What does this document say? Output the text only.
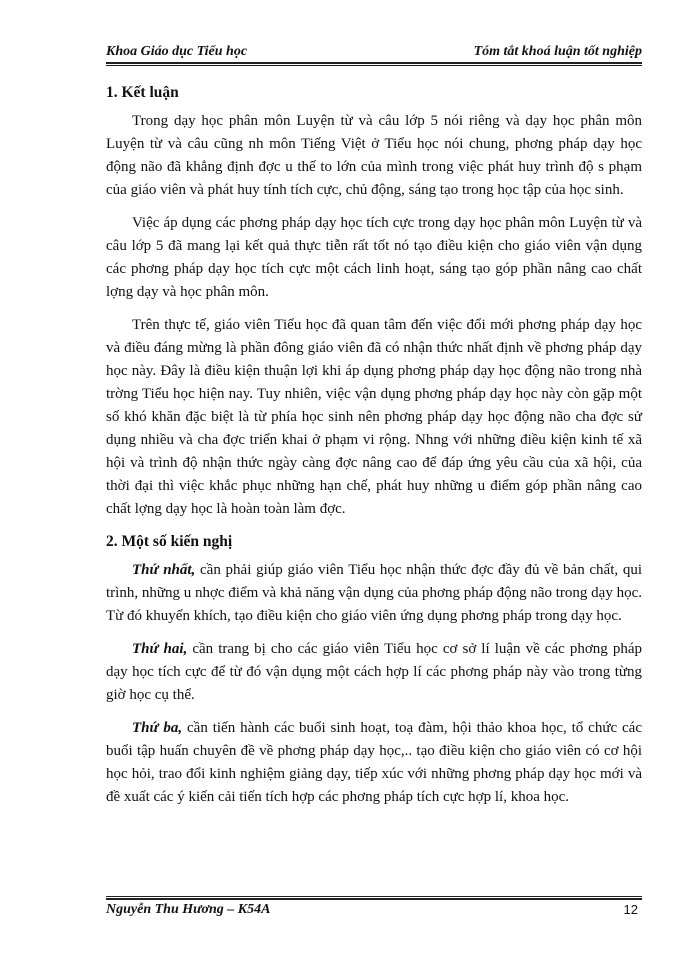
Khoa Giáo dục Tiểu học	Tóm tắt khoá luận tốt nghiệp
1. Kết luận

Trong dạy học phân môn Luyện từ và câu lớp 5 nói riêng và dạy học phân môn Luyện từ và câu cũng nh môn Tiếng Việt ở Tiểu học nói chung, phơng pháp dạy học động não đã khẳng định đợc u thế to lớn của mình trong việc phát huy trình độ s phạm của giáo viên và phát huy tính tích cực, chủ động, sáng tạo trong học tập của học sinh.

Việc áp dụng các phơng pháp dạy học tích cực trong dạy học phân môn Luyện từ và câu lớp 5 đã mang lại kết quả thực tiễn rất tốt nó tạo điều kiện cho giáo viên vận dụng các phơng pháp dạy học tích cực một cách linh hoạt, sáng tạo góp phần nâng cao chất lợng dạy và học phân môn.

Trên thực tế, giáo viên Tiểu học đã quan tâm đến việc đổi mới phơng pháp dạy học và điều đáng mừng là phần đông giáo viên đã có nhận thức nhất định về phơng pháp dạy học này. Đây là điều kiện thuận lợi khi áp dụng phơng pháp dạy học động não trong nhà trờng Tiểu học hiện nay. Tuy nhiên, việc vận dụng phơng pháp dạy học này còn gặp một số khó khăn đặc biệt là từ phía học sinh nên phơng pháp dạy học động não cha đợc sử dụng nhiều và cha đợc triển khai ở phạm vi rộng. Nhng với những điều kiện kinh tế xã hội và trình độ nhận thức ngày càng đợc nâng cao để đáp ứng yêu cầu của xã hội, của thời đại thì việc khắc phục những hạn chế, phát huy những u điểm góp phần nâng cao chất lợng dạy học là hoàn toàn làm đợc.

2. Một số kiến nghị

Thứ nhất, cần phải giúp giáo viên Tiểu học nhận thức đợc đầy đủ về bản chất, qui trình, những u nhợc điểm và khả năng vận dụng của phơng pháp động não trong dạy học. Từ đó khuyến khích, tạo điều kiện cho giáo viên ứng dụng phơng pháp trong dạy học.

Thứ hai, cần trang bị cho các giáo viên Tiểu học cơ sở lí luận về các phơng pháp dạy học tích cực để từ đó vận dụng một cách hợp lí các phơng pháp này vào trong từng giờ học cụ thể.

Thứ ba, cần tiến hành các buổi sinh hoạt, toạ đàm, hội thảo khoa học, tổ chức các buổi tập huấn chuyên đề về phơng pháp dạy học,.. tạo điều kiện cho giáo viên có cơ hội học hỏi, trao đổi kinh nghiệm giảng dạy, tiếp xúc với những phơng pháp dạy học mới và đề xuất các ý kiến cải tiến tích hợp các phơng pháp tích cực hợp lí, khoa học.

Nguyễn Thu Hương – K54A	12
